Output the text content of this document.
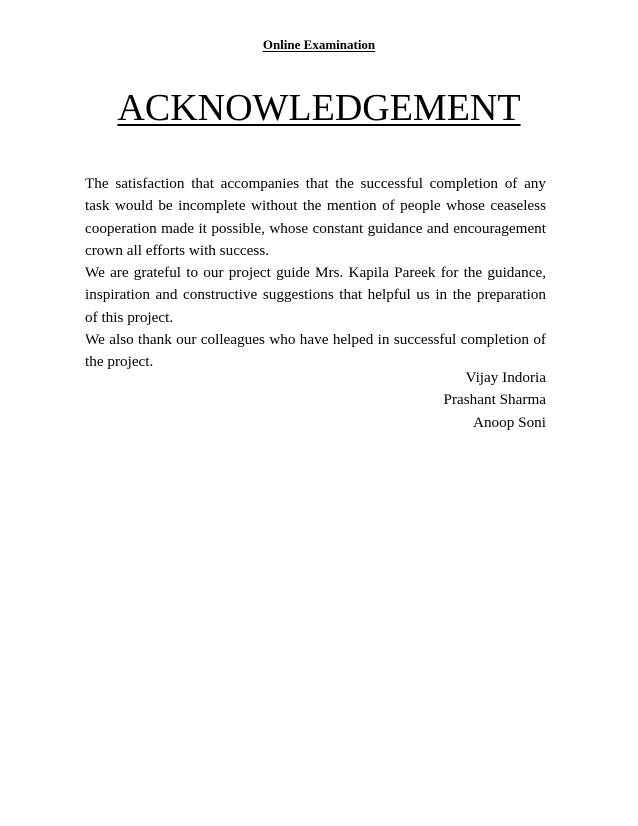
Online Examination
ACKNOWLEDGEMENT

The satisfaction that accompanies that the successful completion of any task would be incomplete without the mention of people whose ceaseless cooperation made it possible, whose constant guidance and encouragement crown all efforts with success.

We are grateful to our project guide Mrs. Kapila Pareek for the guidance, inspiration and constructive suggestions that helpful us in the preparation of this project.

We also thank our colleagues who have helped in successful completion of the project.

Vijay Indoria
Prashant Sharma
Anoop Soni
